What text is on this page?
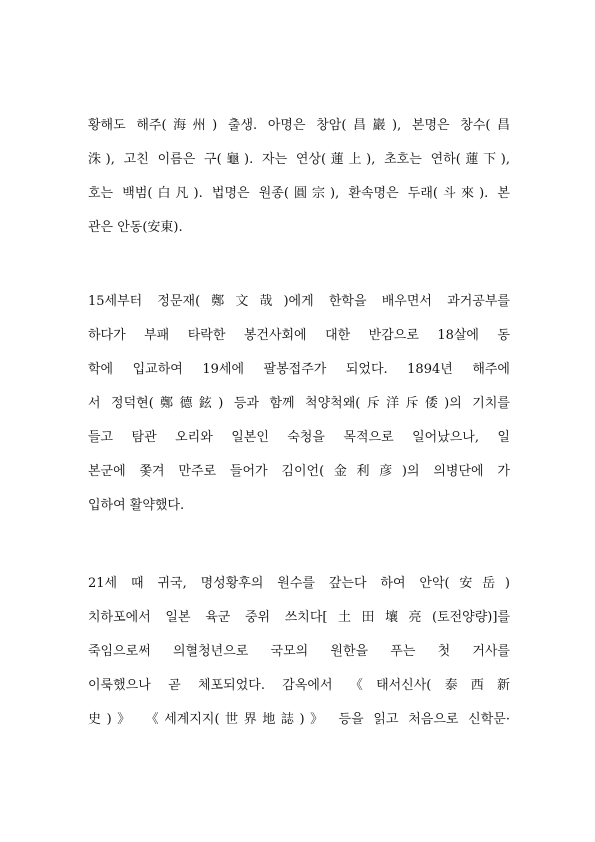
황해도 해주(海州) 출생. 아명은 창암(昌巖), 본명은 창수(昌
洙), 고친 이름은 구(龜). 자는 연상(蓮上), 초호는 연하(蓮下),
호는 백범(白凡). 법명은 원종(圓宗), 환속명은 두래(斗來). 본
관은 안동(安東).
15세부터 정문재(鄭文哉)에게 한학을 배우면서 과거공부를
하다가 부패 타락한 봉건사회에 대한 반감으로 18살에 동
학에 입교하여 19세에 팔봉접주가 되었다. 1894년 해주에
서 정덕현(鄭德鉉) 등과 함께 척양척왜(斥洋斥倭)의 기치를
들고 탐관 오리와 일본인 숙청을 목적으로 일어났으나, 일
본군에 쫓겨 만주로 들어가 김이언(金利彦)의 의병단에 가
입하여 활약했다.
21세 때 귀국, 명성황후의 원수를 갚는다 하여 안악(安岳)
치하포에서 일본 육군 중위 쓰치다[土田壤亮(토전양량)]를
죽임으로써 의혈청년으로 국모의 원한을 푸는 첫 거사를
이룩했으나 곧 체포되었다. 감옥에서 《태서신사(泰西新
史)》 《세계지지(世界地誌)》 등을 읽고 처음으로 신학문·
